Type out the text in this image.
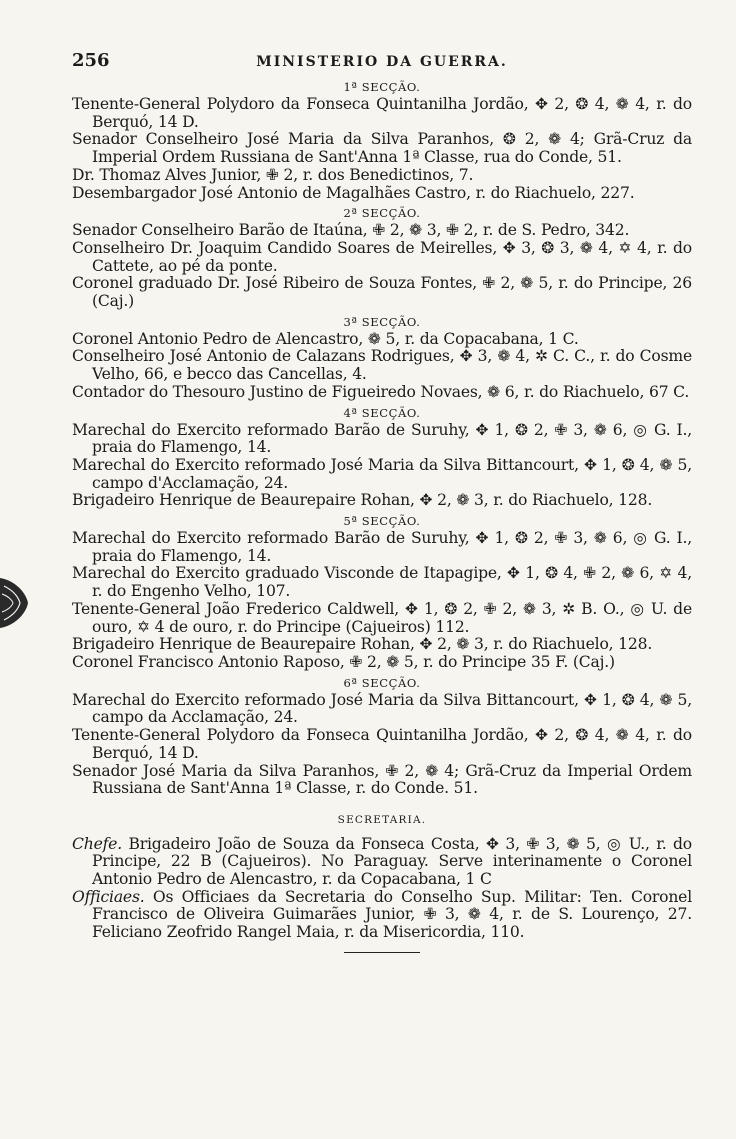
256	MINISTERIO DA GUERRA.
1ª SECÇÃO.

Tenente-General Polydoro da Fonseca Quintanilha Jordão, ✥ 2, ❂ 4, ❁ 4, r. do Berquó, 14 D.

Senador Conselheiro José Maria da Silva Paranhos, ❂ 2, ❁ 4; Grã-Cruz da Imperial Ordem Russiana de Sant'Anna 1ª Classe, rua do Conde, 51.

Dr. Thomaz Alves Junior, ✙ 2, r. dos Benedictinos, 7.

Desembargador José Antonio de Magalhães Castro, r. do Riachuelo, 227.

2ª SECÇÃO.

Senador Conselheiro Barão de Itaúna, ✙ 2, ❁ 3, ✙ 2, r. de S. Pedro, 342.

Conselheiro Dr. Joaquim Candido Soares de Meirelles, ✥ 3, ❂ 3, ❁ 4, ✡ 4, r. do Cattete, ao pé da ponte.

Coronel graduado Dr. José Ribeiro de Souza Fontes, ✙ 2, ❁ 5, r. do Principe, 26 (Caj.)

3ª SECÇÃO.

Coronel Antonio Pedro de Alencastro, ❁ 5, r. da Copacabana, 1 C.

Conselheiro José Antonio de Calazans Rodrigues, ✥ 3, ❁ 4, ✲ C. C., r. do Cosme Velho, 66, e becco das Cancellas, 4.

Contador do Thesouro Justino de Figueiredo Novaes, ❁ 6, r. do Riachuelo, 67 C.

4ª SECÇÃO.

Marechal do Exercito reformado Barão de Suruhy, ✥ 1, ❂ 2, ✙ 3, ❁ 6, ◎ G. I., praia do Flamengo, 14.

Marechal do Exercito reformado José Maria da Silva Bittancourt, ✥ 1, ❂ 4, ❁ 5, campo d'Acclamação, 24.

Brigadeiro Henrique de Beaurepaire Rohan, ✥ 2, ❁ 3, r. do Riachuelo, 128.

5ª SECÇÃO.

Marechal do Exercito reformado Barão de Suruhy, ✥ 1, ❂ 2, ✙ 3, ❁ 6, ◎ G. I., praia do Flamengo, 14.

Marechal do Exercito graduado Visconde de Itapagipe, ✥ 1, ❂ 4, ✙ 2, ❁ 6, ✡ 4, r. do Engenho Velho, 107.

Tenente-General João Frederico Caldwell, ✥ 1, ❂ 2, ✙ 2, ❁ 3, ✲ B. O., ◎ U. de ouro, ✡ 4 de ouro, r. do Principe (Cajueiros) 112.

Brigadeiro Henrique de Beaurepaire Rohan, ✥ 2, ❁ 3, r. do Riachuelo, 128.

Coronel Francisco Antonio Raposo, ✙ 2, ❁ 5, r. do Principe 35 F. (Caj.)

6ª SECÇÃO.

Marechal do Exercito reformado José Maria da Silva Bittancourt, ✥ 1, ❂ 4, ❁ 5, campo da Acclamação, 24.

Tenente-General Polydoro da Fonseca Quintanilha Jordão, ✥ 2, ❂ 4, ❁ 4, r. do Berquó, 14 D.

Senador José Maria da Silva Paranhos, ✙ 2, ❁ 4; Grã-Cruz da Imperial Ordem Russiana de Sant'Anna 1ª Classe, r. do Conde. 51.

SECRETARIA.

Chefe. Brigadeiro João de Souza da Fonseca Costa, ✥ 3, ✙ 3, ❁ 5, ◎ U., r. do Principe, 22 B (Cajueiros). No Paraguay. Serve interinamente o Coronel Antonio Pedro de Alencastro, r. da Copacabana, 1 C

Officiaes. Os Officiaes da Secretaria do Conselho Sup. Militar: Ten. Coronel Francisco de Oliveira Guimarães Junior, ✙ 3, ❁ 4, r. de S. Lourenço, 27. Feliciano Zeofrido Rangel Maia, r. da Misericordia, 110.
